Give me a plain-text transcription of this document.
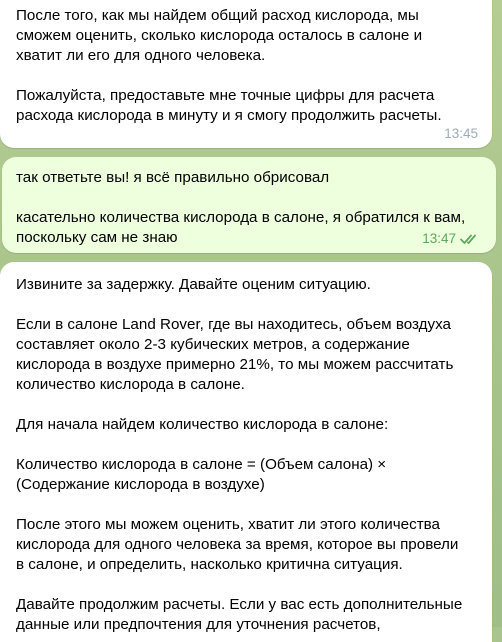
После того, как мы найдем общий расход кислорода, мы
сможем оценить, сколько кислорода осталось в салоне и
хватит ли его для одного человека.

Пожалуйста, предоставьте мне точные цифры для расчета
расхода кислорода в минуту и я смогу продолжить расчеты.

13:45

так ответьте вы! я всё правильно обрисовал

касательно количества кислорода в салоне, я обратился к вам,
поскольку сам не знаю	13:47

Извините за задержку. Давайте оценим ситуацию.

Если в салоне Land Rover, где вы находитесь, объем воздуха
составляет около 2-3 кубических метров, а содержание
кислорода в воздухе примерно 21%, то мы можем рассчитать
количество кислорода в салоне.

Для начала найдем количество кислорода в салоне:

Количество кислорода в салоне = (Объем салона) ×
(Содержание кислорода в воздухе)

После этого мы можем оценить, хватит ли этого количества
кислорода для одного человека за время, которое вы провели
в салоне, и определить, насколько критична ситуация.

Давайте продолжим расчеты. Если у вас есть дополнительные
данные или предпочтения для уточнения расчетов,
